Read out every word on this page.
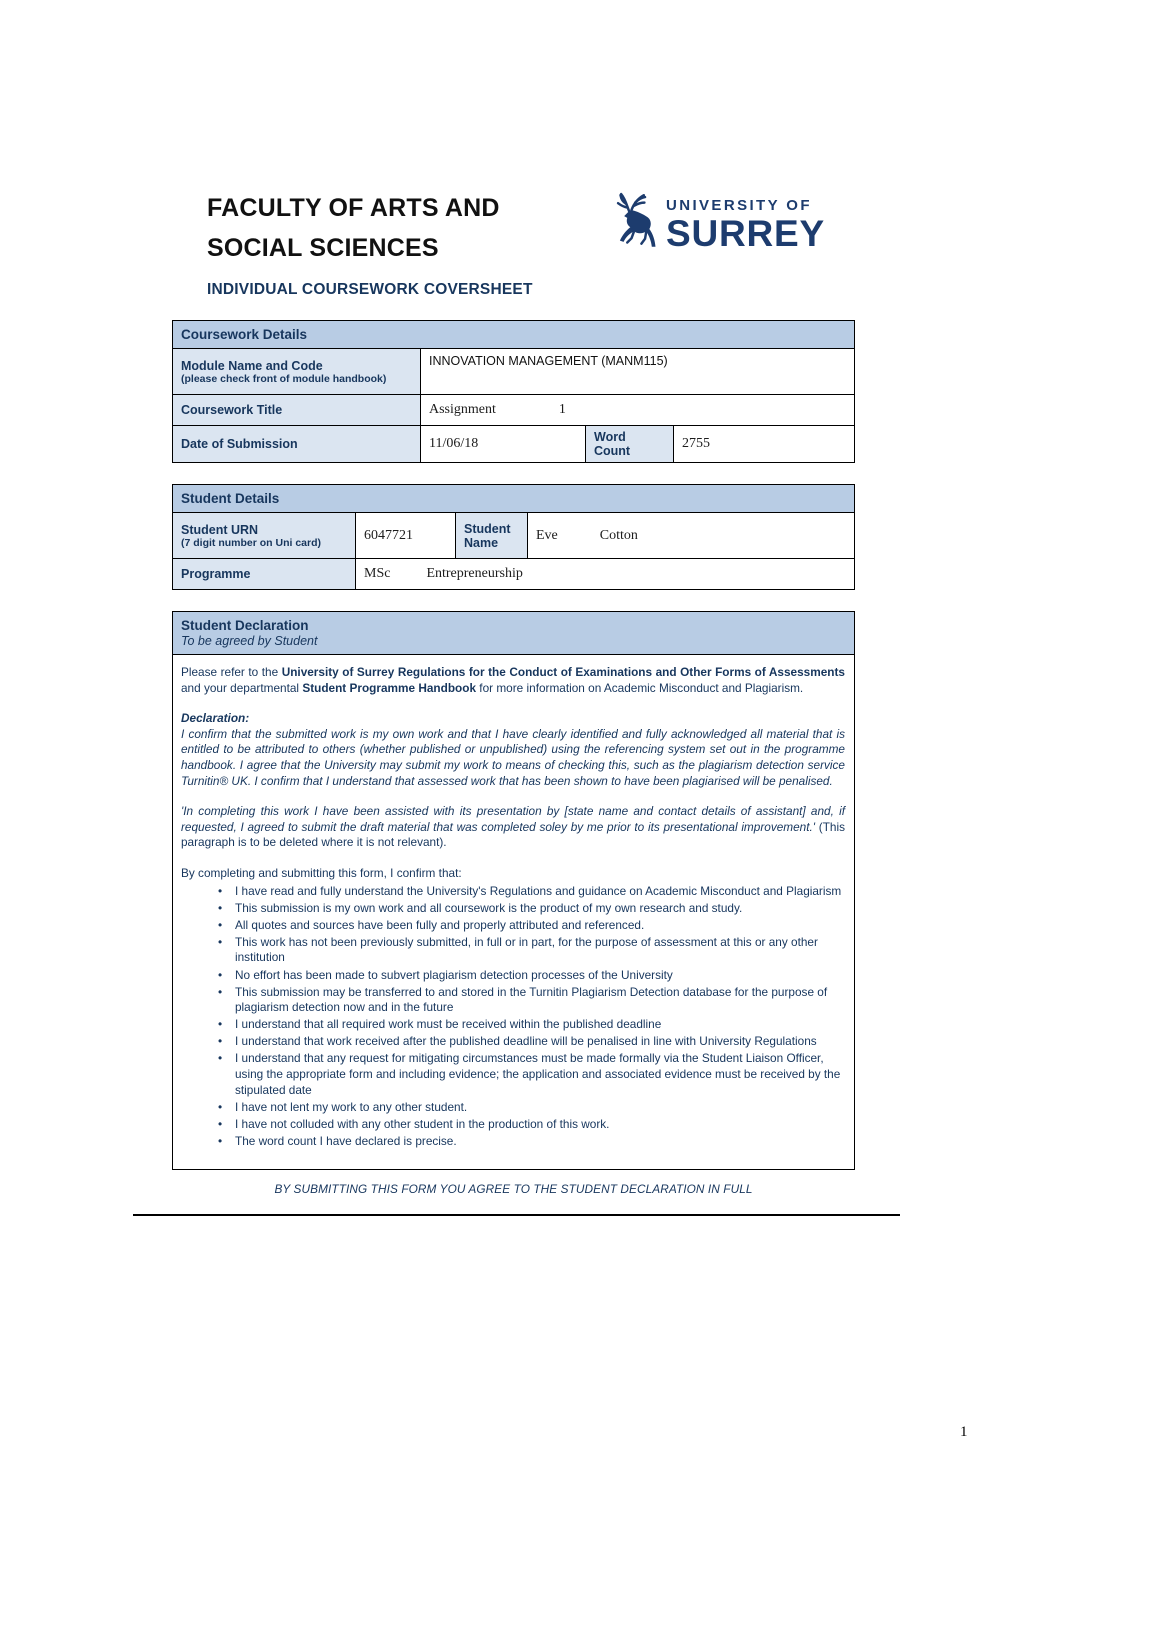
FACULTY OF ARTS AND
SOCIAL SCIENCES
UNIVERSITY OF
SURREY
INDIVIDUAL COURSEWORK COVERSHEET
Coursework Details			

Module Name and Code
(please check front of module handbook)	INNOVATION MANAGEMENT (MANM115)		
Coursework Title	Assignment 1		
Date of Submission	11/06/18	Word Count	2755
Student Details			

Student URN
(7 digit number on Uni card)	6047721	Student Name	Eve Cotton
Programme	MSc Entrepreneurship		
Student Declaration
To be agreed by Student

Please refer to the University of Surrey Regulations for the Conduct of Examinations and Other Forms of Assessments and your departmental Student Programme Handbook for more information on Academic Misconduct and Plagiarism.

Declaration:

I confirm that the submitted work is my own work and that I have clearly identified and fully acknowledged all material that is entitled to be attributed to others (whether published or unpublished) using the referencing system set out in the programme handbook. I agree that the University may submit my work to means of checking this, such as the plagiarism detection service Turnitin® UK. I confirm that I understand that assessed work that has been shown to have been plagiarised will be penalised.

'In completing this work I have been assisted with its presentation by [state name and contact details of assistant] and, if requested, I agreed to submit the draft material that was completed soley by me prior to its presentational improvement.' (This paragraph is to be deleted where it is not relevant).

By completing and submitting this form, I confirm that:

• I have read and fully understand the University's Regulations and guidance on Academic Misconduct and Plagiarism
• This submission is my own work and all coursework is the product of my own research and study.
• All quotes and sources have been fully and properly attributed and referenced.
• This work has not been previously submitted, in full or in part, for the purpose of assessment at this or any other institution
• No effort has been made to subvert plagiarism detection processes of the University
• This submission may be transferred to and stored in the Turnitin Plagiarism Detection database for the purpose of plagiarism detection now and in the future
• I understand that all required work must be received within the published deadline
• I understand that work received after the published deadline will be penalised in line with University Regulations
• I understand that any request for mitigating circumstances must be made formally via the Student Liaison Officer, using the appropriate form and including evidence; the application and associated evidence must be received by the stipulated date
• I have not lent my work to any other student.
• I have not colluded with any other student in the production of this work.
• The word count I have declared is precise.
BY SUBMITTING THIS FORM YOU AGREE TO THE STUDENT DECLARATION IN FULL
1
